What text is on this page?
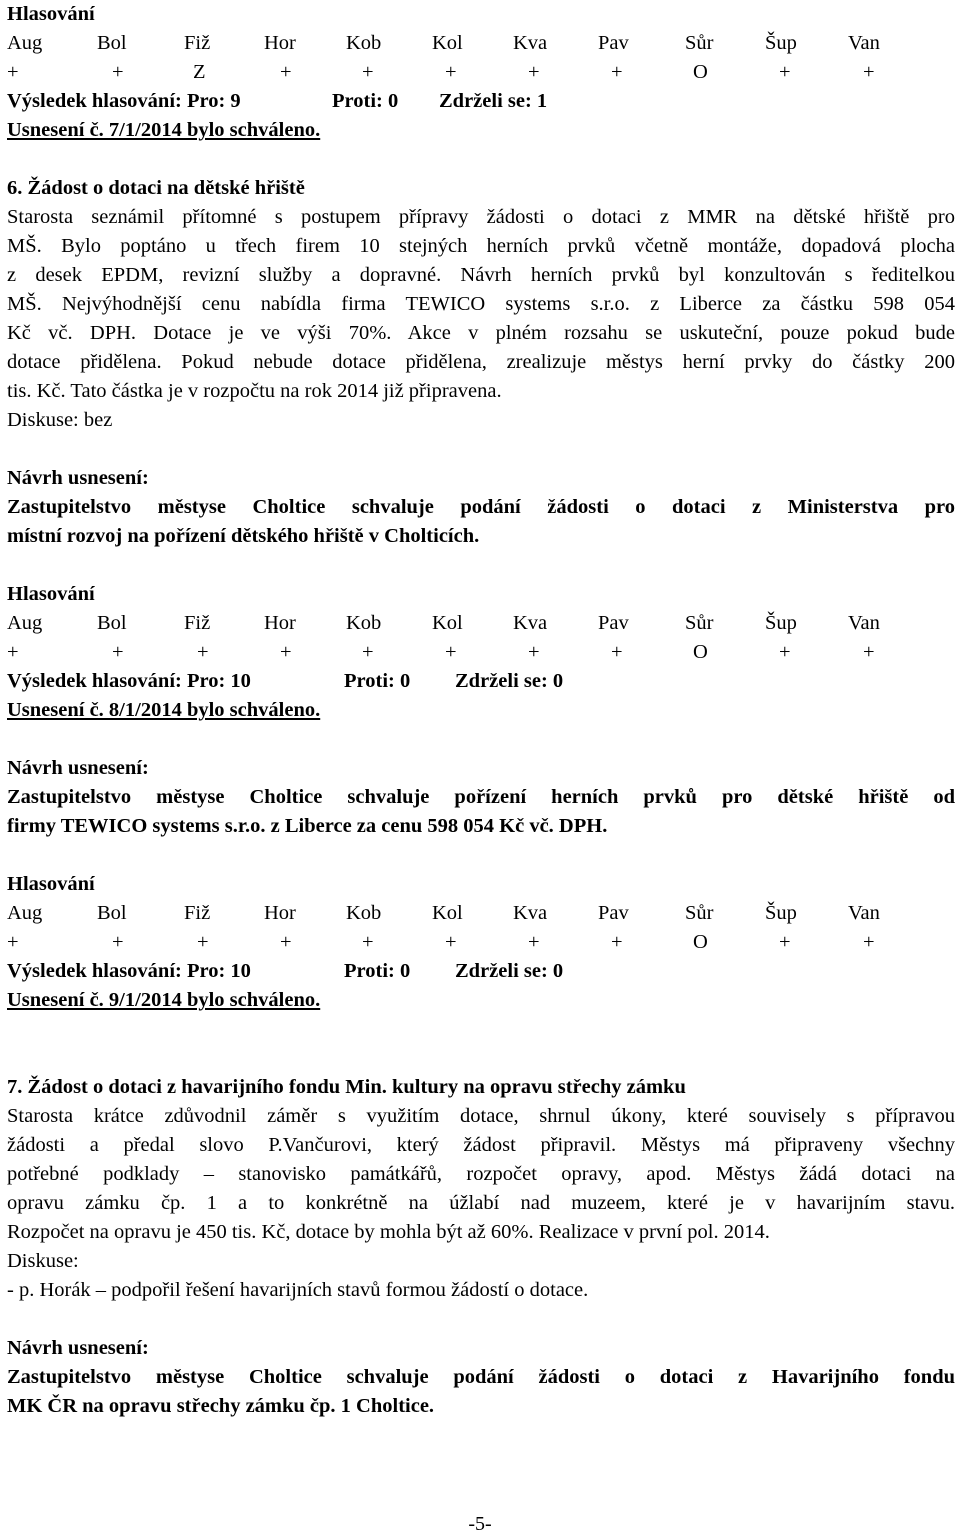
Hlasování
Aug	Bol	Fiž	Hor Kob Kol Kva Pav	Sůr	Šup Van
+	+	Z	+	+	+	+	+	O	+	+
Výsledek hlasování: Pro: 9	Proti: 0 Zdrželi se: 1
Usnesení č. 7/1/2014 bylo schváleno.
6. Žádost o dotaci na dětské hřiště
Starosta seznámil přítomné s postupem přípravy žádosti o dotaci z MMR na dětské hřiště pro
MŠ. Bylo poptáno u třech firem 10 stejných herních prvků včetně montáže, dopadová plocha
z desek EPDM, revizní služby a dopravné. Návrh herních prvků byl konzultován s ředitelkou
MŠ. Nejvýhodnější cenu nabídla firma TEWICO systems s.r.o. z Liberce za částku 598 054
Kč vč. DPH. Dotace je ve výši 70%. Akce v plném rozsahu se uskuteční, pouze pokud bude
dotace přidělena. Pokud nebude dotace přidělena, zrealizuje městys herní prvky do částky 200
tis. Kč. Tato částka je v rozpočtu na rok 2014 již připravena.
Diskuse: bez
Návrh usnesení:
Zastupitelstvo městyse Choltice schvaluje podání žádosti o dotaci z Ministerstva pro
místní rozvoj na pořízení dětského hřiště v Cholticích.
Hlasování
Aug	Bol	Fiž	Hor Kob Kol Kva Pav	Sůr	Šup Van
+	+	+	+	+	+	+	+	O	+	+
Výsledek hlasování: Pro: 10	Proti: 0 Zdrželi se: 0
Usnesení č. 8/1/2014 bylo schváleno.
Návrh usnesení:
Zastupitelstvo městyse Choltice schvaluje pořízení herních prvků pro dětské hřiště od
firmy TEWICO systems s.r.o. z Liberce za cenu 598 054 Kč vč. DPH.
Hlasování
Aug	Bol	Fiž	Hor Kob Kol Kva Pav	Sůr	Šup Van
+	+	+	+	+	+	+	+	O	+	+
Výsledek hlasování: Pro: 10	Proti: 0 Zdrželi se: 0
Usnesení č. 9/1/2014 bylo schváleno.
7. Žádost o dotaci z havarijního fondu Min. kultury na opravu střechy zámku
Starosta krátce zdůvodnil záměr s využitím dotace, shrnul úkony, které souvisely s přípravou
žádosti a předal slovo P.Vančurovi, který žádost připravil. Městys má připraveny všechny
potřebné podklady – stanovisko památkářů, rozpočet opravy, apod. Městys žádá dotaci na
opravu zámku čp. 1 a to konkrétně na úžlabí nad muzeem, které je v havarijním stavu.
Rozpočet na opravu je 450 tis. Kč, dotace by mohla být až 60%. Realizace v první pol. 2014.
Diskuse:
- p. Horák – podpořil řešení havarijních stavů formou žádostí o dotace.
Návrh usnesení:
Zastupitelstvo městyse Choltice schvaluje podání žádosti o dotaci z Havarijního fondu
MK ČR na opravu střechy zámku čp. 1 Choltice.
-5-
